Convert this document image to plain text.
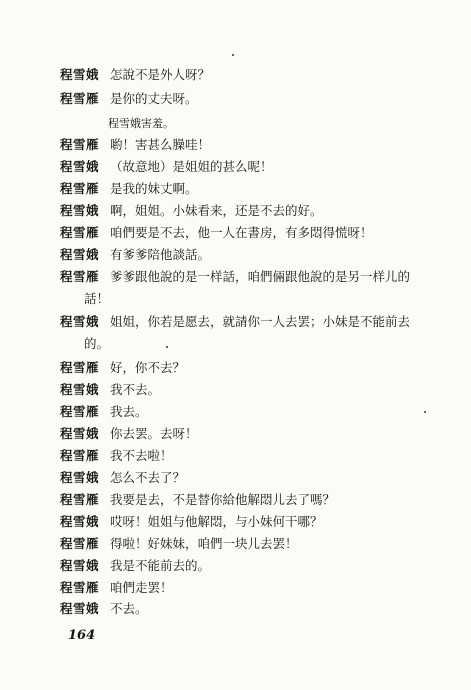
程雪娥 怎說不是外人呀？
程雪雁 是你的丈夫呀。
程雪娥害羞。
程雪雁 喲！害甚么臊哇！
程雪娥 （故意地）是姐姐的甚么呢！
程雪雁 是我的妹丈啊。
程雪娥 啊，姐姐。小妹看来，还是不去的好。
程雪雁 咱們要是不去，他一人在書房，有多悶得慌呀！
程雪娥 有爹爹陪他談話。
程雪雁 爹爹跟他說的是一样話，咱們倆跟他說的是另一样儿的
話！
程雪娥 姐姐，你若是愿去，就請你一人去罢；小妹是不能前去
的。
程雪雁 好，你不去？
程雪娥 我不去。
程雪雁 我去。
程雪娥 你去罢。去呀！
程雪雁 我不去啦！
程雪娥 怎么不去了？
程雪雁 我要是去，不是替你給他解悶儿去了嗎？
程雪娥 哎呀！姐姐与他解悶，与小妹何干哪？
程雪雁 得啦！好妹妹，咱們一块儿去罢！
程雪娥 我是不能前去的。
程雪雁 咱們走罢！
程雪娥 不去。
164
